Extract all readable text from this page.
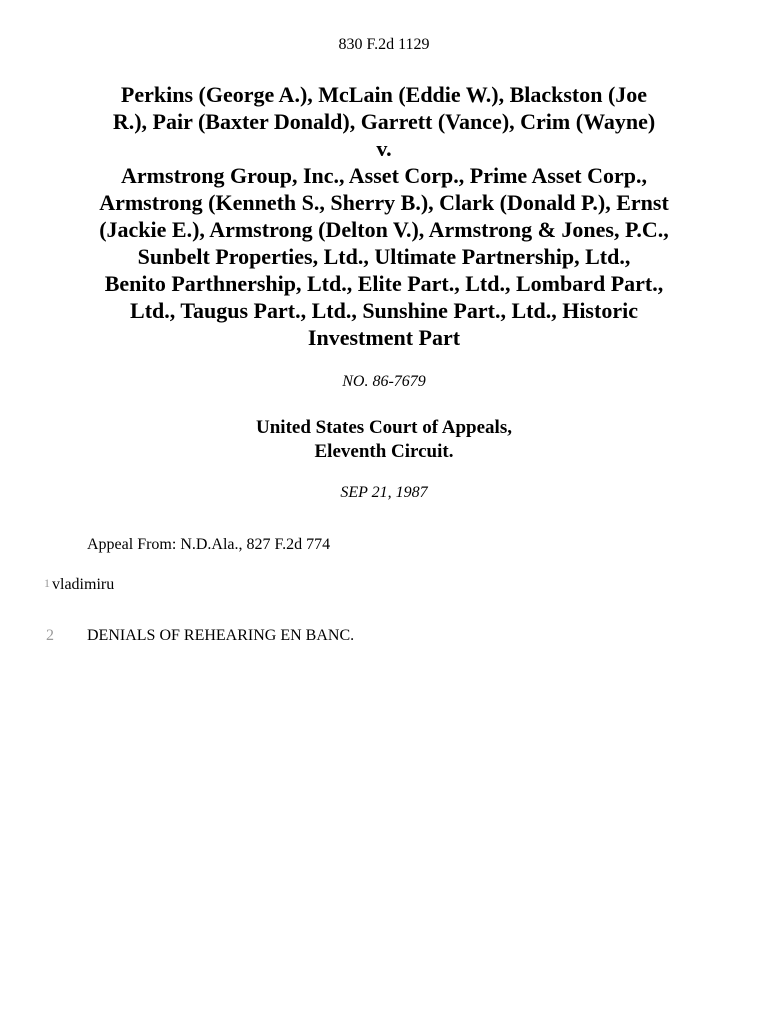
830 F.2d 1129
Perkins (George A.), McLain (Eddie W.), Blackston (Joe
R.), Pair (Baxter Donald), Garrett (Vance), Crim (Wayne)
v.
Armstrong Group, Inc., Asset Corp., Prime Asset Corp.,
Armstrong (Kenneth S., Sherry B.), Clark (Donald P.), Ernst
(Jackie E.), Armstrong (Delton V.), Armstrong & Jones, P.C.,
Sunbelt Properties, Ltd., Ultimate Partnership, Ltd.,
Benito Parthnership, Ltd., Elite Part., Ltd., Lombard Part.,
Ltd., Taugus Part., Ltd., Sunshine Part., Ltd., Historic
Investment Part
NO. 86-7679
United States Court of Appeals,
Eleventh Circuit.
SEP 21, 1987
Appeal From: N.D.Ala., 827 F.2d 774
1 vladimiru
2 DENIALS OF REHEARING EN BANC.
